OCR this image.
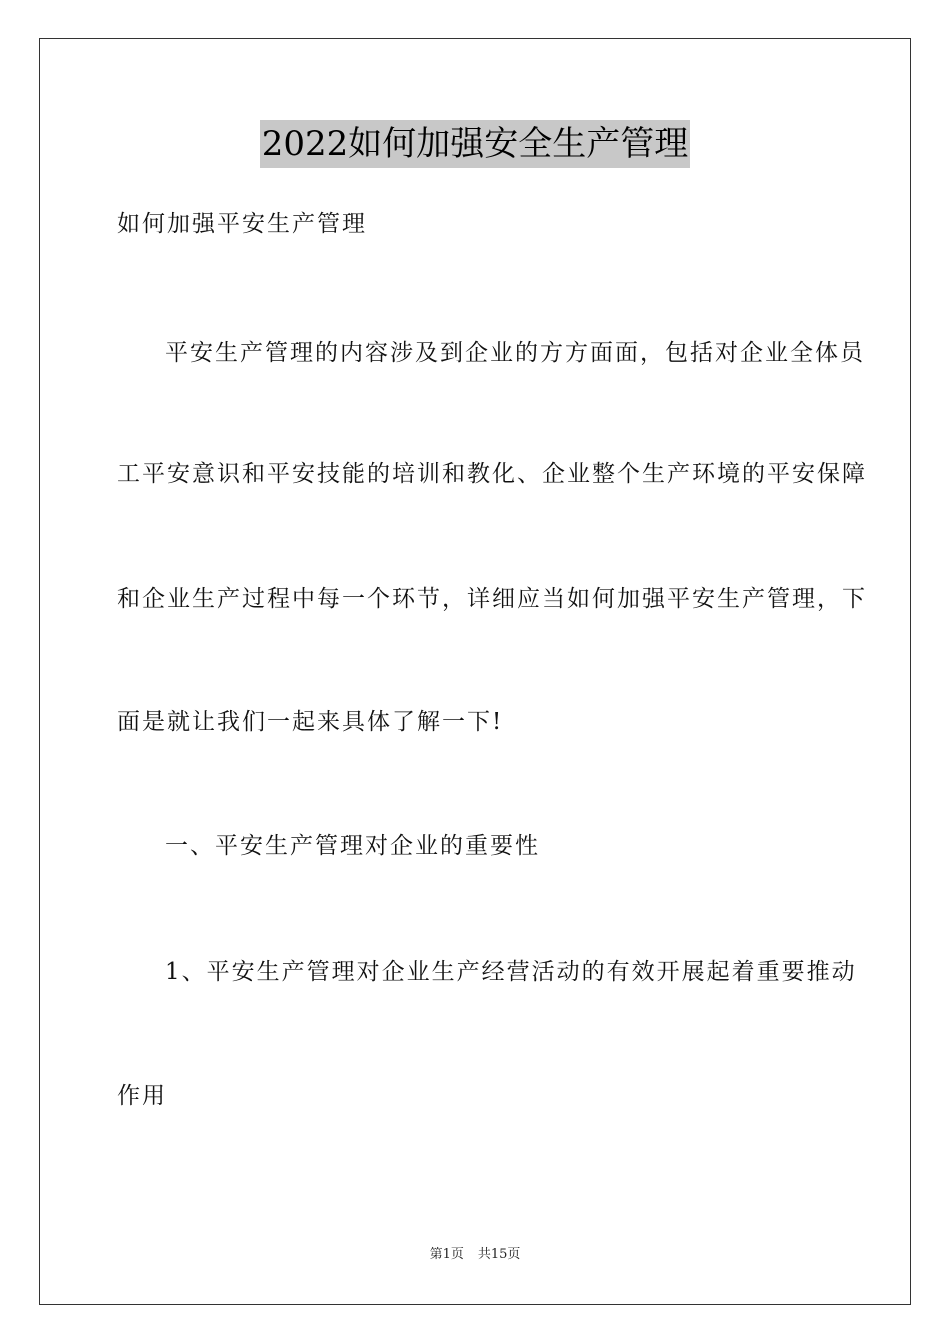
2022如何加强安全生产管理
如何加强平安生产管理
平安生产管理的内容涉及到企业的方方面面，包括对企业全体员
工平安意识和平安技能的培训和教化、企业整个生产环境的平安保障
和企业生产过程中每一个环节，详细应当如何加强平安生产管理，下
面是就让我们一起来具体了解一下!
一、平安生产管理对企业的重要性
1、平安生产管理对企业生产经营活动的有效开展起着重要推动
作用
第1页 共15页
